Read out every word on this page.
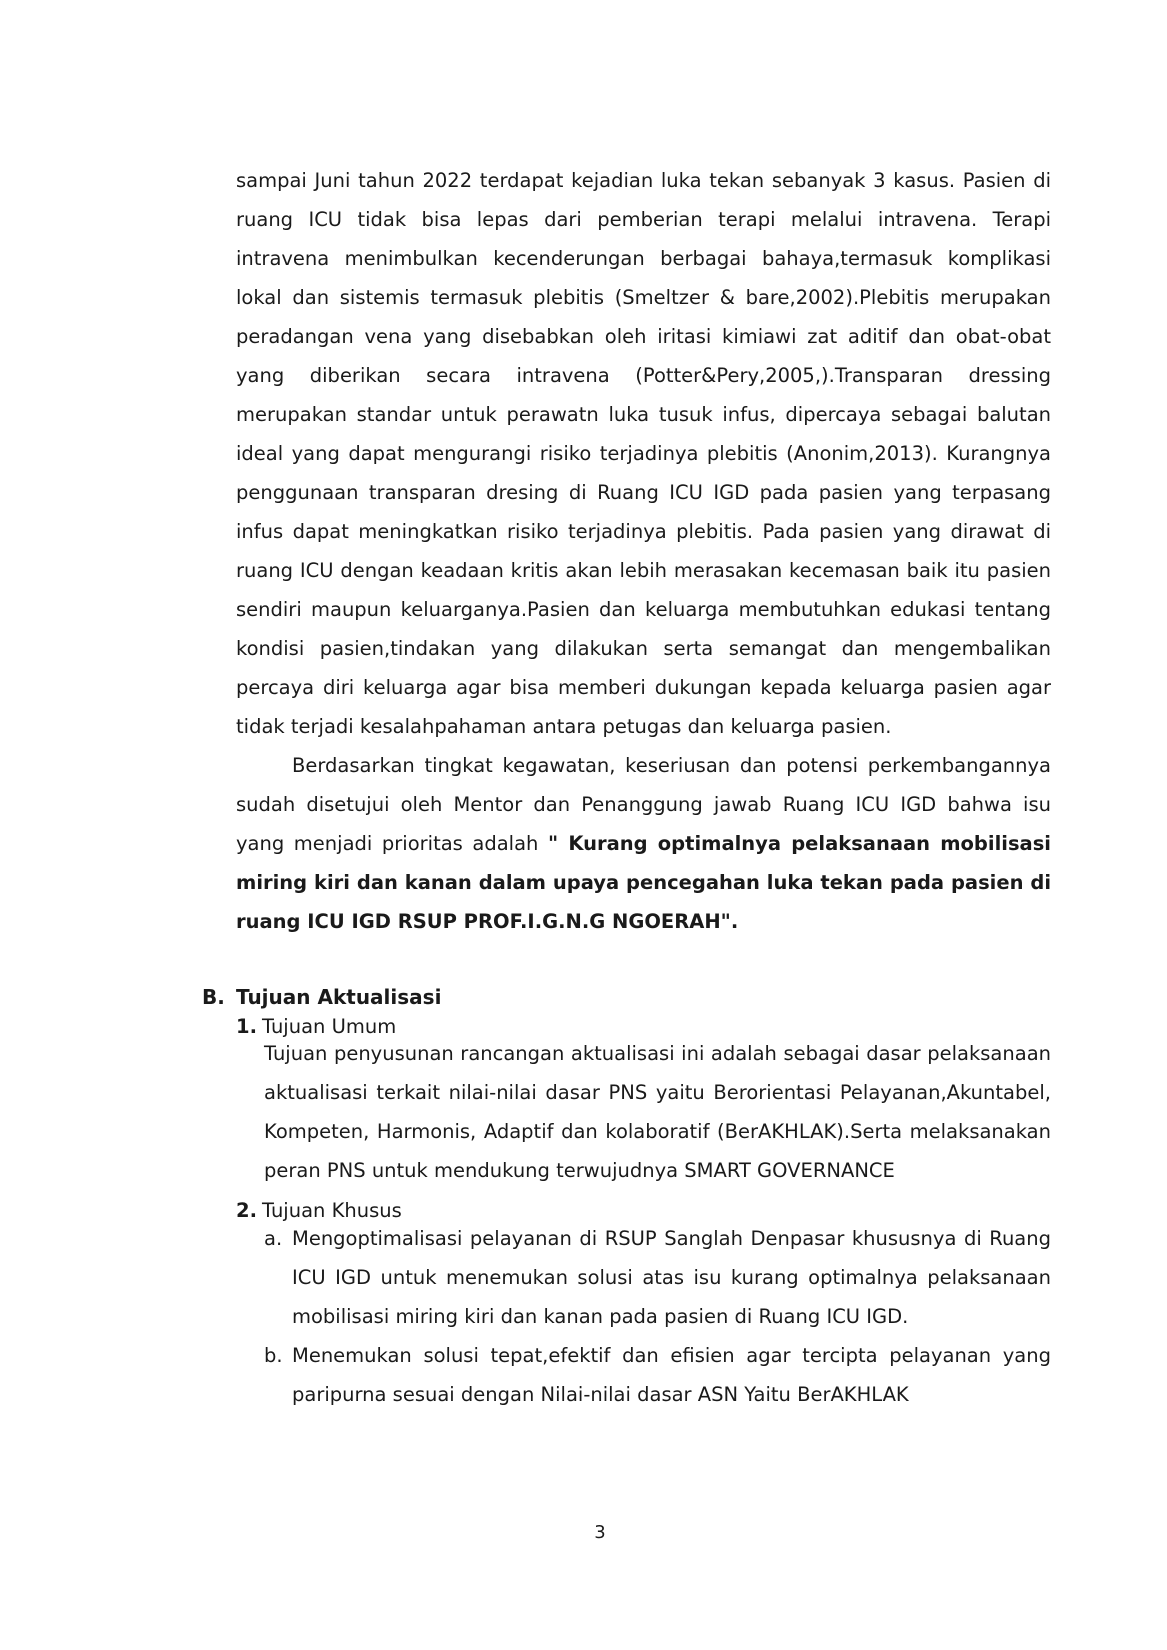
sampai Juni tahun 2022 terdapat kejadian luka tekan sebanyak 3 kasus. Pasien di ruang ICU tidak bisa lepas dari pemberian terapi melalui intravena. Terapi intravena menimbulkan kecenderungan berbagai bahaya,termasuk komplikasi lokal dan sistemis termasuk plebitis (Smeltzer & bare,2002).Plebitis merupakan peradangan vena yang disebabkan oleh iritasi kimiawi zat aditif dan obat-obat yang diberikan secara intravena (Potter&Pery,2005,).Transparan dressing merupakan standar untuk perawatn luka tusuk infus, dipercaya sebagai balutan ideal yang dapat mengurangi risiko terjadinya plebitis (Anonim,2013). Kurangnya penggunaan transparan dresing di Ruang ICU IGD pada pasien yang terpasang infus dapat meningkatkan risiko terjadinya plebitis. Pada pasien yang dirawat di ruang ICU dengan keadaan kritis akan lebih merasakan kecemasan baik itu pasien sendiri maupun keluarganya.Pasien dan keluarga membutuhkan edukasi tentang kondisi pasien,tindakan yang dilakukan serta semangat dan mengembalikan percaya diri keluarga agar bisa memberi dukungan kepada keluarga pasien agar tidak terjadi kesalahpahaman antara petugas dan keluarga pasien.
Berdasarkan tingkat kegawatan, keseriusan dan potensi perkembangannya sudah disetujui oleh Mentor dan Penanggung jawab Ruang ICU IGD bahwa isu yang menjadi prioritas adalah " Kurang optimalnya pelaksanaan mobilisasi miring kiri dan kanan dalam upaya pencegahan luka tekan pada pasien di ruang ICU IGD RSUP PROF.I.G.N.G NGOERAH".
B. Tujuan Aktualisasi
1. Tujuan Umum
Tujuan penyusunan rancangan aktualisasi ini adalah sebagai dasar pelaksanaan aktualisasi terkait nilai-nilai dasar PNS yaitu Berorientasi Pelayanan,Akuntabel, Kompeten, Harmonis, Adaptif dan kolaboratif (BerAKHLAK).Serta melaksanakan peran PNS untuk mendukung terwujudnya SMART GOVERNANCE
2. Tujuan Khusus
a. Mengoptimalisasi pelayanan di RSUP Sanglah Denpasar khususnya di Ruang ICU IGD untuk menemukan solusi atas isu kurang optimalnya pelaksanaan mobilisasi miring kiri dan kanan pada pasien di Ruang ICU IGD.
b. Menemukan solusi tepat,efektif dan efisien agar tercipta pelayanan yang paripurna sesuai dengan Nilai-nilai dasar ASN Yaitu BerAKHLAK
3
